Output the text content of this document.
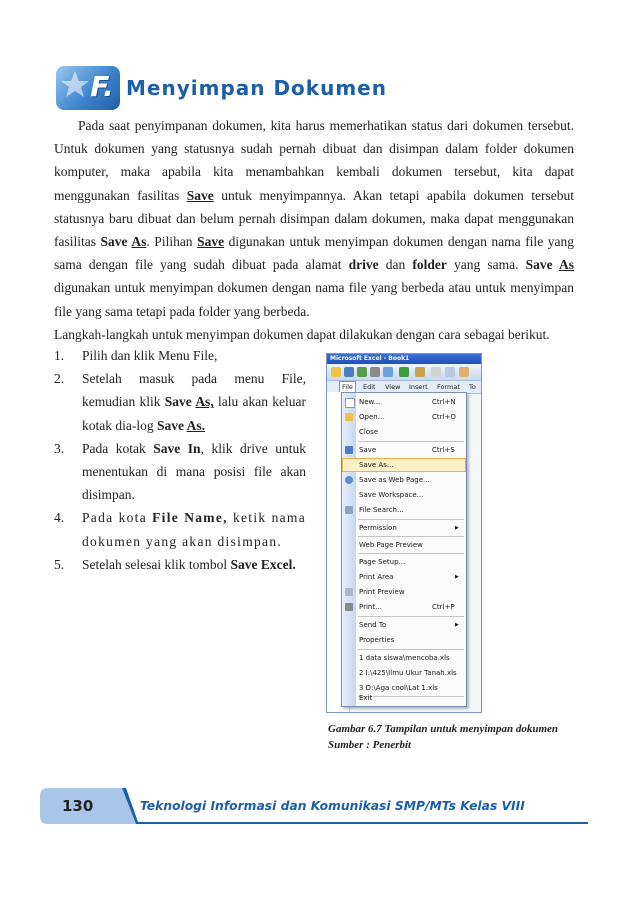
F. Menyimpan Dokumen

Pada saat penyimpanan dokumen, kita harus memerhatikan status dari dokumen tersebut. Untuk dokumen yang statusnya sudah pernah dibuat dan disimpan dalam folder dokumen komputer, maka apabila kita menambahkan kembali dokumen tersebut, kita dapat menggunakan fasilitas Save untuk menyimpannya. Akan tetapi apabila dokumen tersebut statusnya baru dibuat dan belum pernah disimpan dalam dokumen, maka dapat menggunakan fasilitas Save As. Pilihan Save digunakan untuk menyimpan dokumen dengan nama file yang sama dengan file yang sudah dibuat pada alamat drive dan folder yang sama. Save As digunakan untuk menyimpan dokumen dengan nama file yang berbeda atau untuk menyimpan file yang sama tetapi pada folder yang berbeda.

Langkah-langkah untuk menyimpan dokumen dapat dilakukan dengan cara sebagai berikut.

1.	Pilih dan klik Menu File,
2.	Setelah masuk pada menu File, kemudian klik Save As, lalu akan keluar kotak dia-log Save As.
3.	Pada kotak Save In, klik drive untuk menentukan di mana posisi file akan disimpan.
4.	Pada kota File Name, ketik nama dokumen yang akan disimpan.
5.	Setelah selesai klik tombol Save Excel.
Microsoft Excel - Book1
File	Edit View Insert Format To
New...	Ctrl+N
Open...	Ctrl+O
Close
Save	Ctrl+S
Save As...
Save as Web Page...
Save Workspace...
File Search...
Permission	▶
Web Page Preview
Page Setup...
Print Area	▶
Print Preview
Print...	Ctrl+P
Send To	▶
Properties
1 data siswa\mencoba.xls
2 I:\425\Ilmu Ukur Tanah.xls
3 D:\Aga cool\Lat 1.xls
Exit
Gambar 6.7 Tampilan untuk menyimpan dokumen
Sumber : Penerbit
130	Teknologi Informasi dan Komunikasi SMP/MTs Kelas VIII
